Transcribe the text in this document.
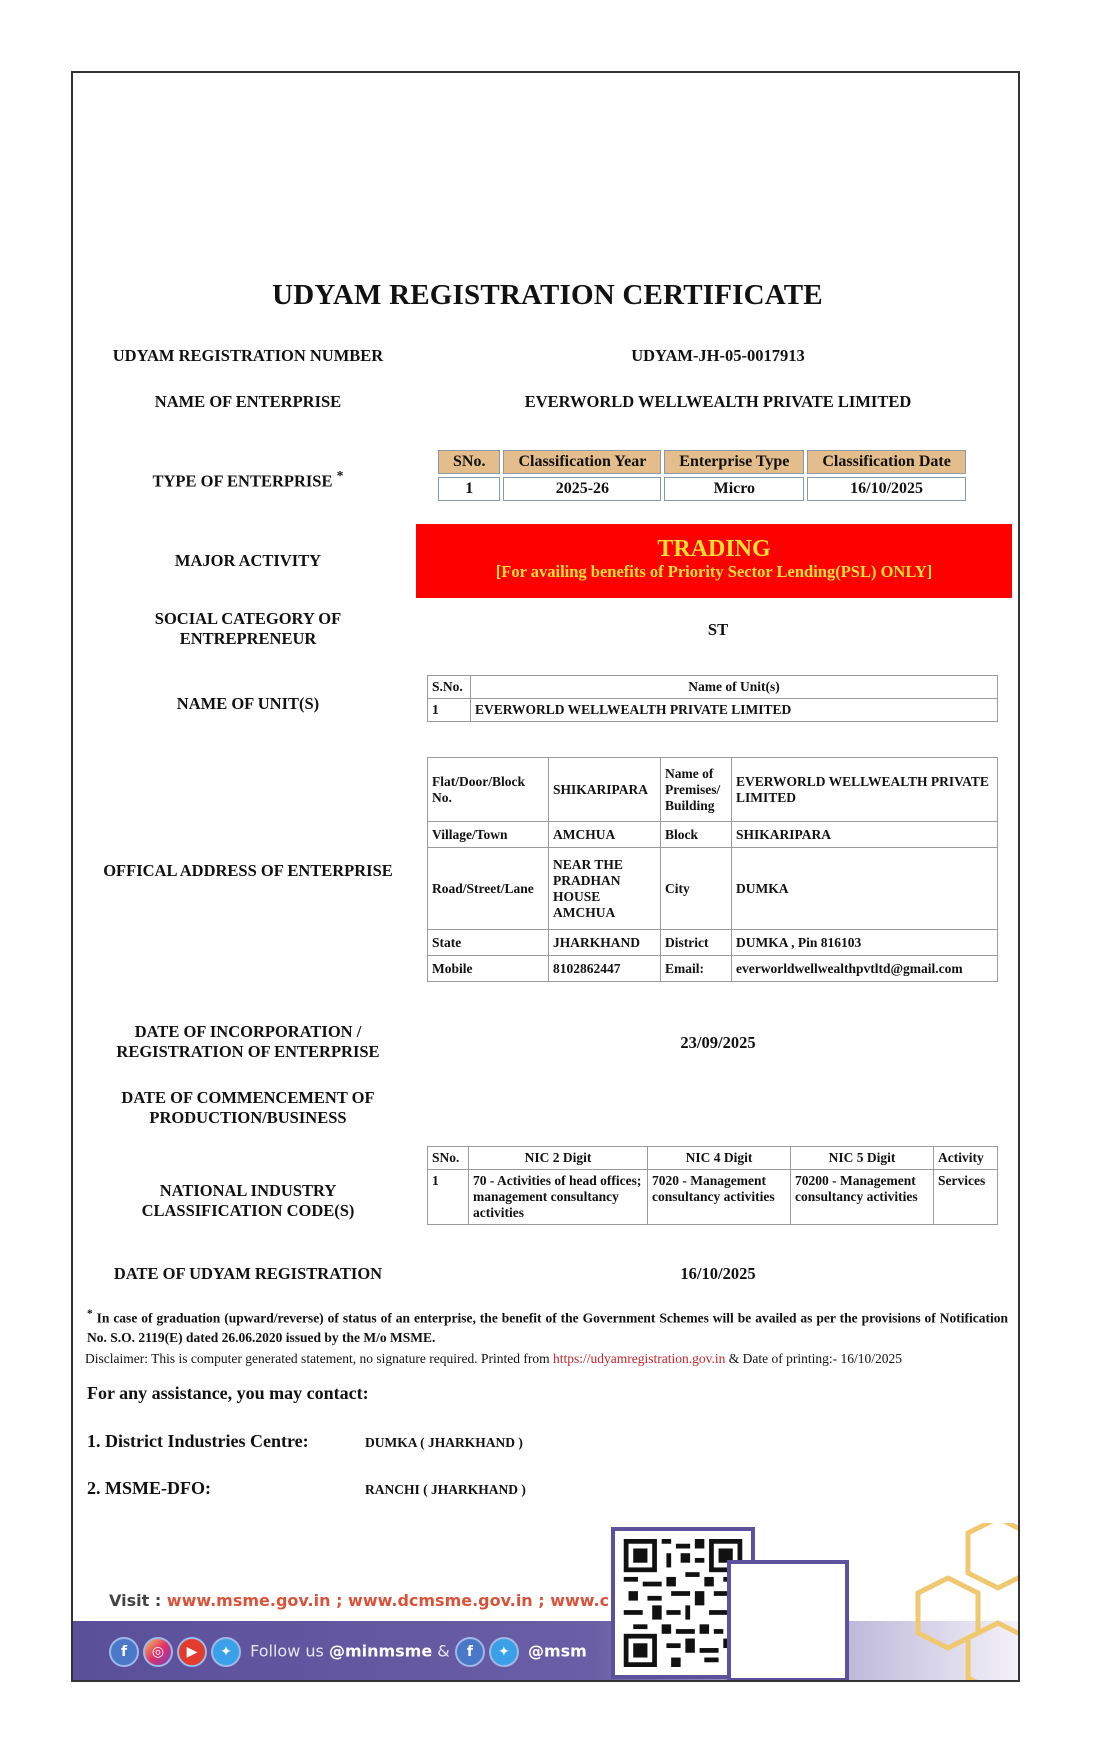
UDYAM REGISTRATION CERTIFICATE
UDYAM REGISTRATION NUMBER	UDYAM-JH-05-0017913
NAME OF ENTERPRISE	EVERWORLD WELLWEALTH PRIVATE LIMITED
TYPE OF ENTERPRISE *
SNo.	Classification Year	Enterprise Type	Classification Date
1	2025-26	Micro	16/10/2025
MAJOR ACTIVITY	TRADING
[For availing benefits of Priority Sector Lending(PSL) ONLY]
SOCIAL CATEGORY OF
ENTREPRENEUR	ST
NAME OF UNIT(S)
S.No.	Name of Unit(s)
1	EVERWORLD WELLWEALTH PRIVATE LIMITED
OFFICAL ADDRESS OF ENTERPRISE
Flat/Door/Block No.	SHIKARIPARA	Name of Premises/ Building	EVERWORLD WELLWEALTH PRIVATE LIMITED
Village/Town	AMCHUA	Block	SHIKARIPARA
Road/Street/Lane	NEAR THE PRADHAN HOUSE AMCHUA	City	DUMKA
State	JHARKHAND	District	DUMKA , Pin 816103
Mobile	8102862447	Email:	everworldwellwealthpvtltd@gmail.com
DATE OF INCORPORATION /
REGISTRATION OF ENTERPRISE	23/09/2025
DATE OF COMMENCEMENT OF
PRODUCTION/BUSINESS
NATIONAL INDUSTRY
CLASSIFICATION CODE(S)
SNo.	NIC 2 Digit	NIC 4 Digit	NIC 5 Digit	Activity
1	70 - Activities of head offices; management consultancy activities	7020 - Management consultancy activities	70200 - Management consultancy activities	Services
DATE OF UDYAM REGISTRATION	16/10/2025
* In case of graduation (upward/reverse) of status of an enterprise, the benefit of the Government Schemes will be availed as per the provisions of Notification No. S.O. 2119(E) dated 26.06.2020 issued by the M/o MSME.
Disclaimer: This is computer generated statement, no signature required. Printed from https://udyamregistration.gov.in & Date of printing:- 16/10/2025
For any assistance, you may contact:
1. District Industries Centre:	DUMKA ( JHARKHAND )
2. MSME-DFO:	RANCHI ( JHARKHAND )
Visit : www.msme.gov.in ; www.dcmsme.gov.in ; www.c
f ◎ ▶ ✦ Follow us @minmsme & f ✦ @msm
